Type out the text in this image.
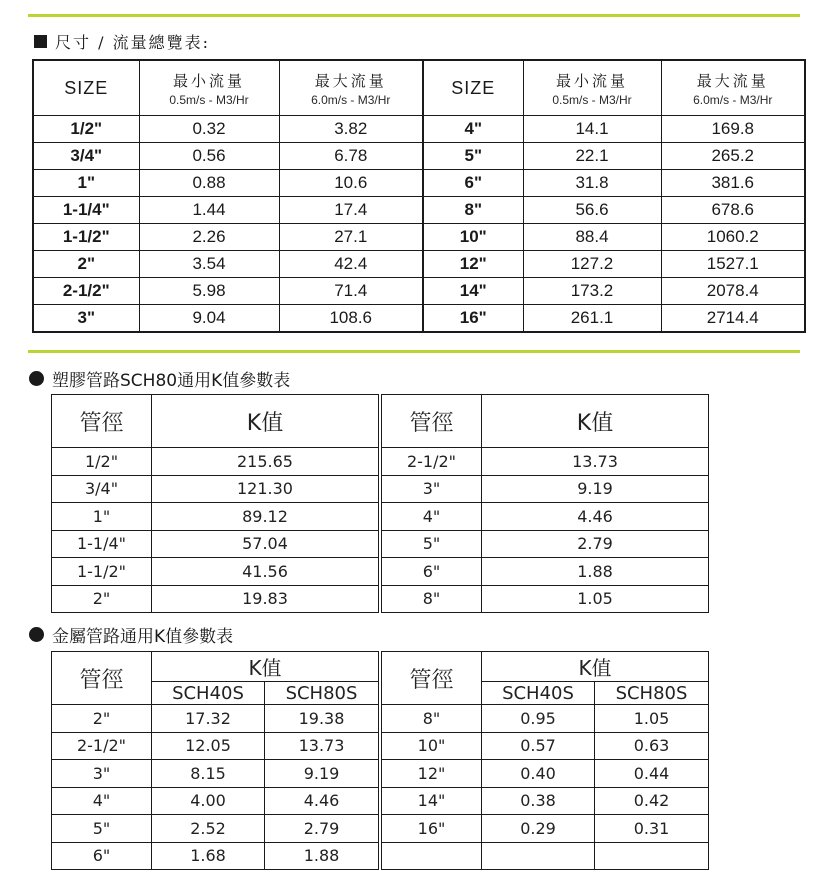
尺寸 / 流量總覽表:
SIZE	最小流量	最大流量	SIZE	最小流量	最大流量
	0.5m/s - M3/Hr	6.0m/s - M3/Hr		0.5m/s - M3/Hr	6.0m/s - M3/Hr
1/2"	0.32	3.82	4"	14.1	169.8
3/4"	0.56	6.78	5"	22.1	265.2
1"	0.88	10.6	6"	31.8	381.6
1-1/4"	1.44	17.4	8"	56.6	678.6
1-1/2"	2.26	27.1	10"	88.4	1060.2
2"	3.54	42.4	12"	127.2	1527.1
2-1/2"	5.98	71.4	14"	173.2	2078.4
3"	9.04	108.6	16"	261.1	2714.4
塑膠管路SCH80通用K值參數表
管徑	K值
1/2"	215.65
3/4"	121.30
1"	89.12
1-1/4"	57.04
1-1/2"	41.56
2"	19.83
管徑	K值
2-1/2"	13.73
3"	9.19
4"	4.46
5"	2.79
6"	1.88
8"	1.05
金屬管路通用K值參數表
管徑	K值	
	SCH40S	SCH80S
2"	17.32	19.38
2-1/2"	12.05	13.73
3"	8.15	9.19
4"	4.00	4.46
5"	2.52	2.79
6"	1.68	1.88
管徑	K值	
	SCH40S	SCH80S
8"	0.95	1.05
10"	0.57	0.63
12"	0.40	0.44
14"	0.38	0.42
16"	0.29	0.31
